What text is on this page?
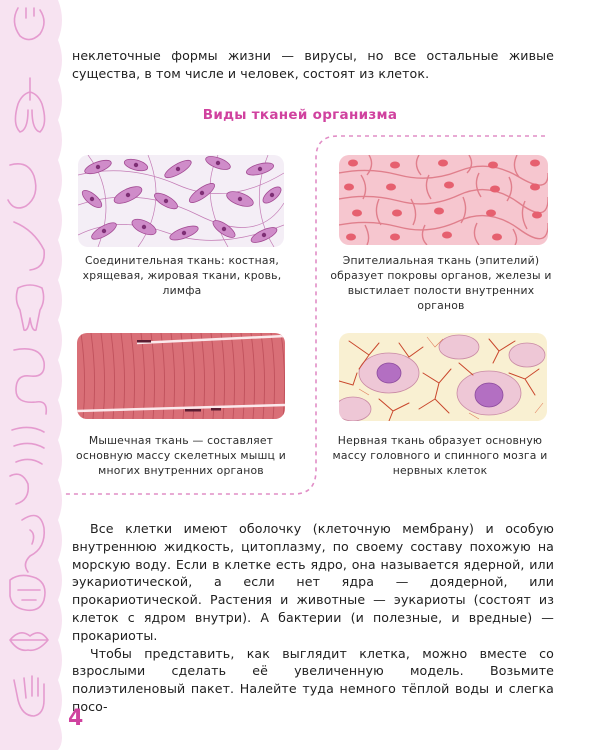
неклеточные формы жизни — вирусы, но все остальные живые существа, в том числе и человек, состоят из клеток.
Виды тканей организма
Соединительная ткань: костная, хрящевая, жировая ткани, кровь, лимфа
Эпителиальная ткань (эпителий) образует покровы органов, железы и выстилает полости внутренних органов
Мышечная ткань — составляет основную массу скелетных мышц и многих внутренних органов
Нервная ткань образует основную массу головного и спинного мозга и нервных клеток

Все клетки имеют оболочку (клеточную мембрану) и особую внутреннюю жидкость, цитоплазму, по своему составу похожую на морскую воду. Если в клетке есть ядро, она называется ядерной, или эукариотической, а если нет ядра — доядерной, или прокариотической. Растения и животные — эукариоты (состоят из клеток с ядром внутри). А бактерии (и полезные, и вредные) — прокариоты.

Чтобы представить, как выглядит клетка, можно вместе со взрослыми сделать её увеличенную модель. Возьмите полиэтиленовый пакет. Налейте туда немного тёплой воды и слегка посо-

4
